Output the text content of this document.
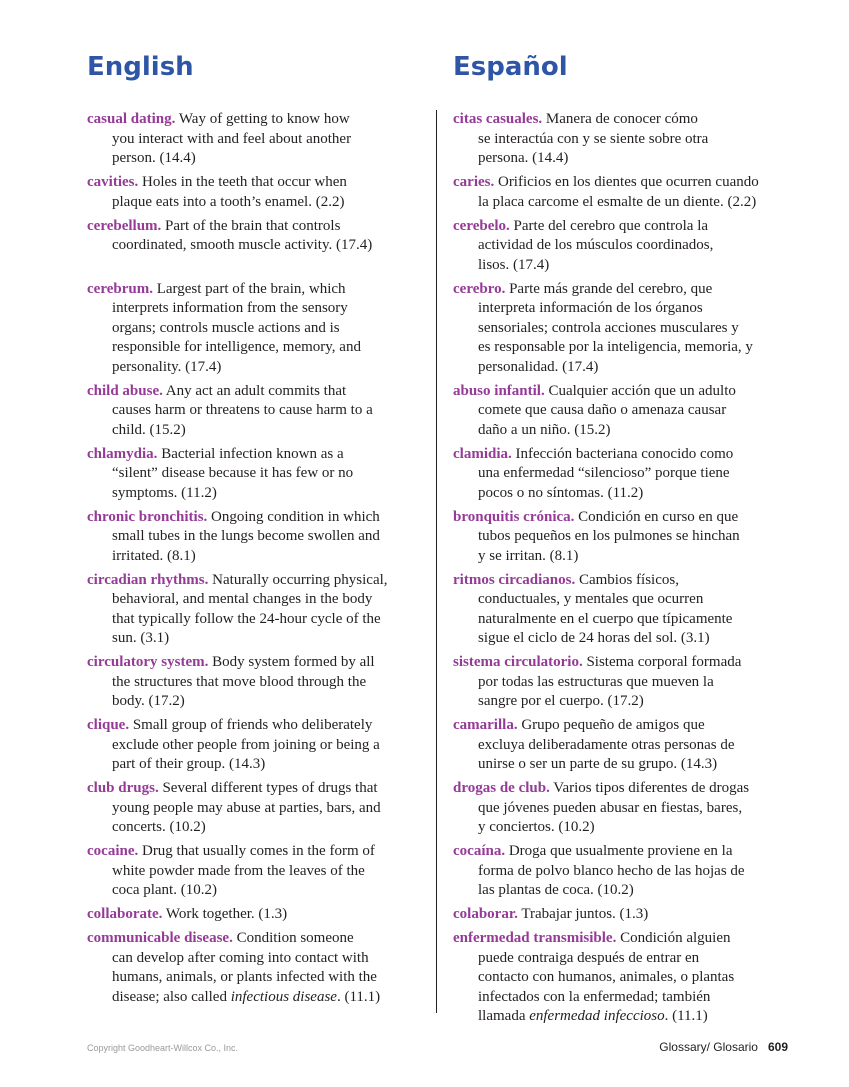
English	Español
casual dating. Way of getting to know how
you interact with and feel about another
person. (14.4)
citas casuales. Manera de conocer cómo
se interactúa con y se siente sobre otra
persona. (14.4)
cavities. Holes in the teeth that occur when
plaque eats into a tooth’s enamel. (2.2)
caries. Orificios en los dientes que ocurren cuando
la placa carcome el esmalte de un diente. (2.2)
cerebellum. Part of the brain that controls
coordinated, smooth muscle activity. (17.4)
cerebelo. Parte del cerebro que controla la
actividad de los músculos coordinados,
lisos. (17.4)
cerebrum. Largest part of the brain, which
interprets information from the sensory
organs; controls muscle actions and is
responsible for intelligence, memory, and
personality. (17.4)
cerebro. Parte más grande del cerebro, que
interpreta información de los órganos
sensoriales; controla acciones musculares y
es responsable por la inteligencia, memoria, y
personalidad. (17.4)
child abuse. Any act an adult commits that
causes harm or threatens to cause harm to a
child. (15.2)
abuso infantil. Cualquier acción que un adulto
comete que causa daño o amenaza causar
daño a un niño. (15.2)
chlamydia. Bacterial infection known as a
“silent” disease because it has few or no
symptoms. (11.2)
clamidia. Infección bacteriana conocido como
una enfermedad “silencioso” porque tiene
pocos o no síntomas. (11.2)
chronic bronchitis. Ongoing condition in which
small tubes in the lungs become swollen and
irritated. (8.1)
bronquitis crónica. Condición en curso en que
tubos pequeños en los pulmones se hinchan
y se irritan. (8.1)
circadian rhythms. Naturally occurring physical,
behavioral, and mental changes in the body
that typically follow the 24-hour cycle of the
sun. (3.1)
ritmos circadianos. Cambios físicos,
conductuales, y mentales que ocurren
naturalmente en el cuerpo que típicamente
sigue el ciclo de 24 horas del sol. (3.1)
circulatory system. Body system formed by all
the structures that move blood through the
body. (17.2)
sistema circulatorio. Sistema corporal formada
por todas las estructuras que mueven la
sangre por el cuerpo. (17.2)
clique. Small group of friends who deliberately
exclude other people from joining or being a
part of their group. (14.3)
camarilla. Grupo pequeño de amigos que
excluya deliberadamente otras personas de
unirse o ser un parte de su grupo. (14.3)
club drugs. Several different types of drugs that
young people may abuse at parties, bars, and
concerts. (10.2)
drogas de club. Varios tipos diferentes de drogas
que jóvenes pueden abusar en fiestas, bares,
y conciertos. (10.2)
cocaine. Drug that usually comes in the form of
white powder made from the leaves of the
coca plant. (10.2)
cocaína. Droga que usualmente proviene en la
forma de polvo blanco hecho de las hojas de
las plantas de coca. (10.2)
collaborate. Work together. (1.3)	colaborar. Trabajar juntos. (1.3)
communicable disease. Condition someone
can develop after coming into contact with
humans, animals, or plants infected with the
disease; also called infectious disease. (11.1)
enfermedad transmisible. Condición alguien
puede contraiga después de entrar en
contacto con humanos, animales, o plantas
infectados con la enfermedad; también
llamada enfermedad infeccioso. (11.1)
Copyright Goodheart-Willcox Co., Inc.	Glossary/ Glosario 609
